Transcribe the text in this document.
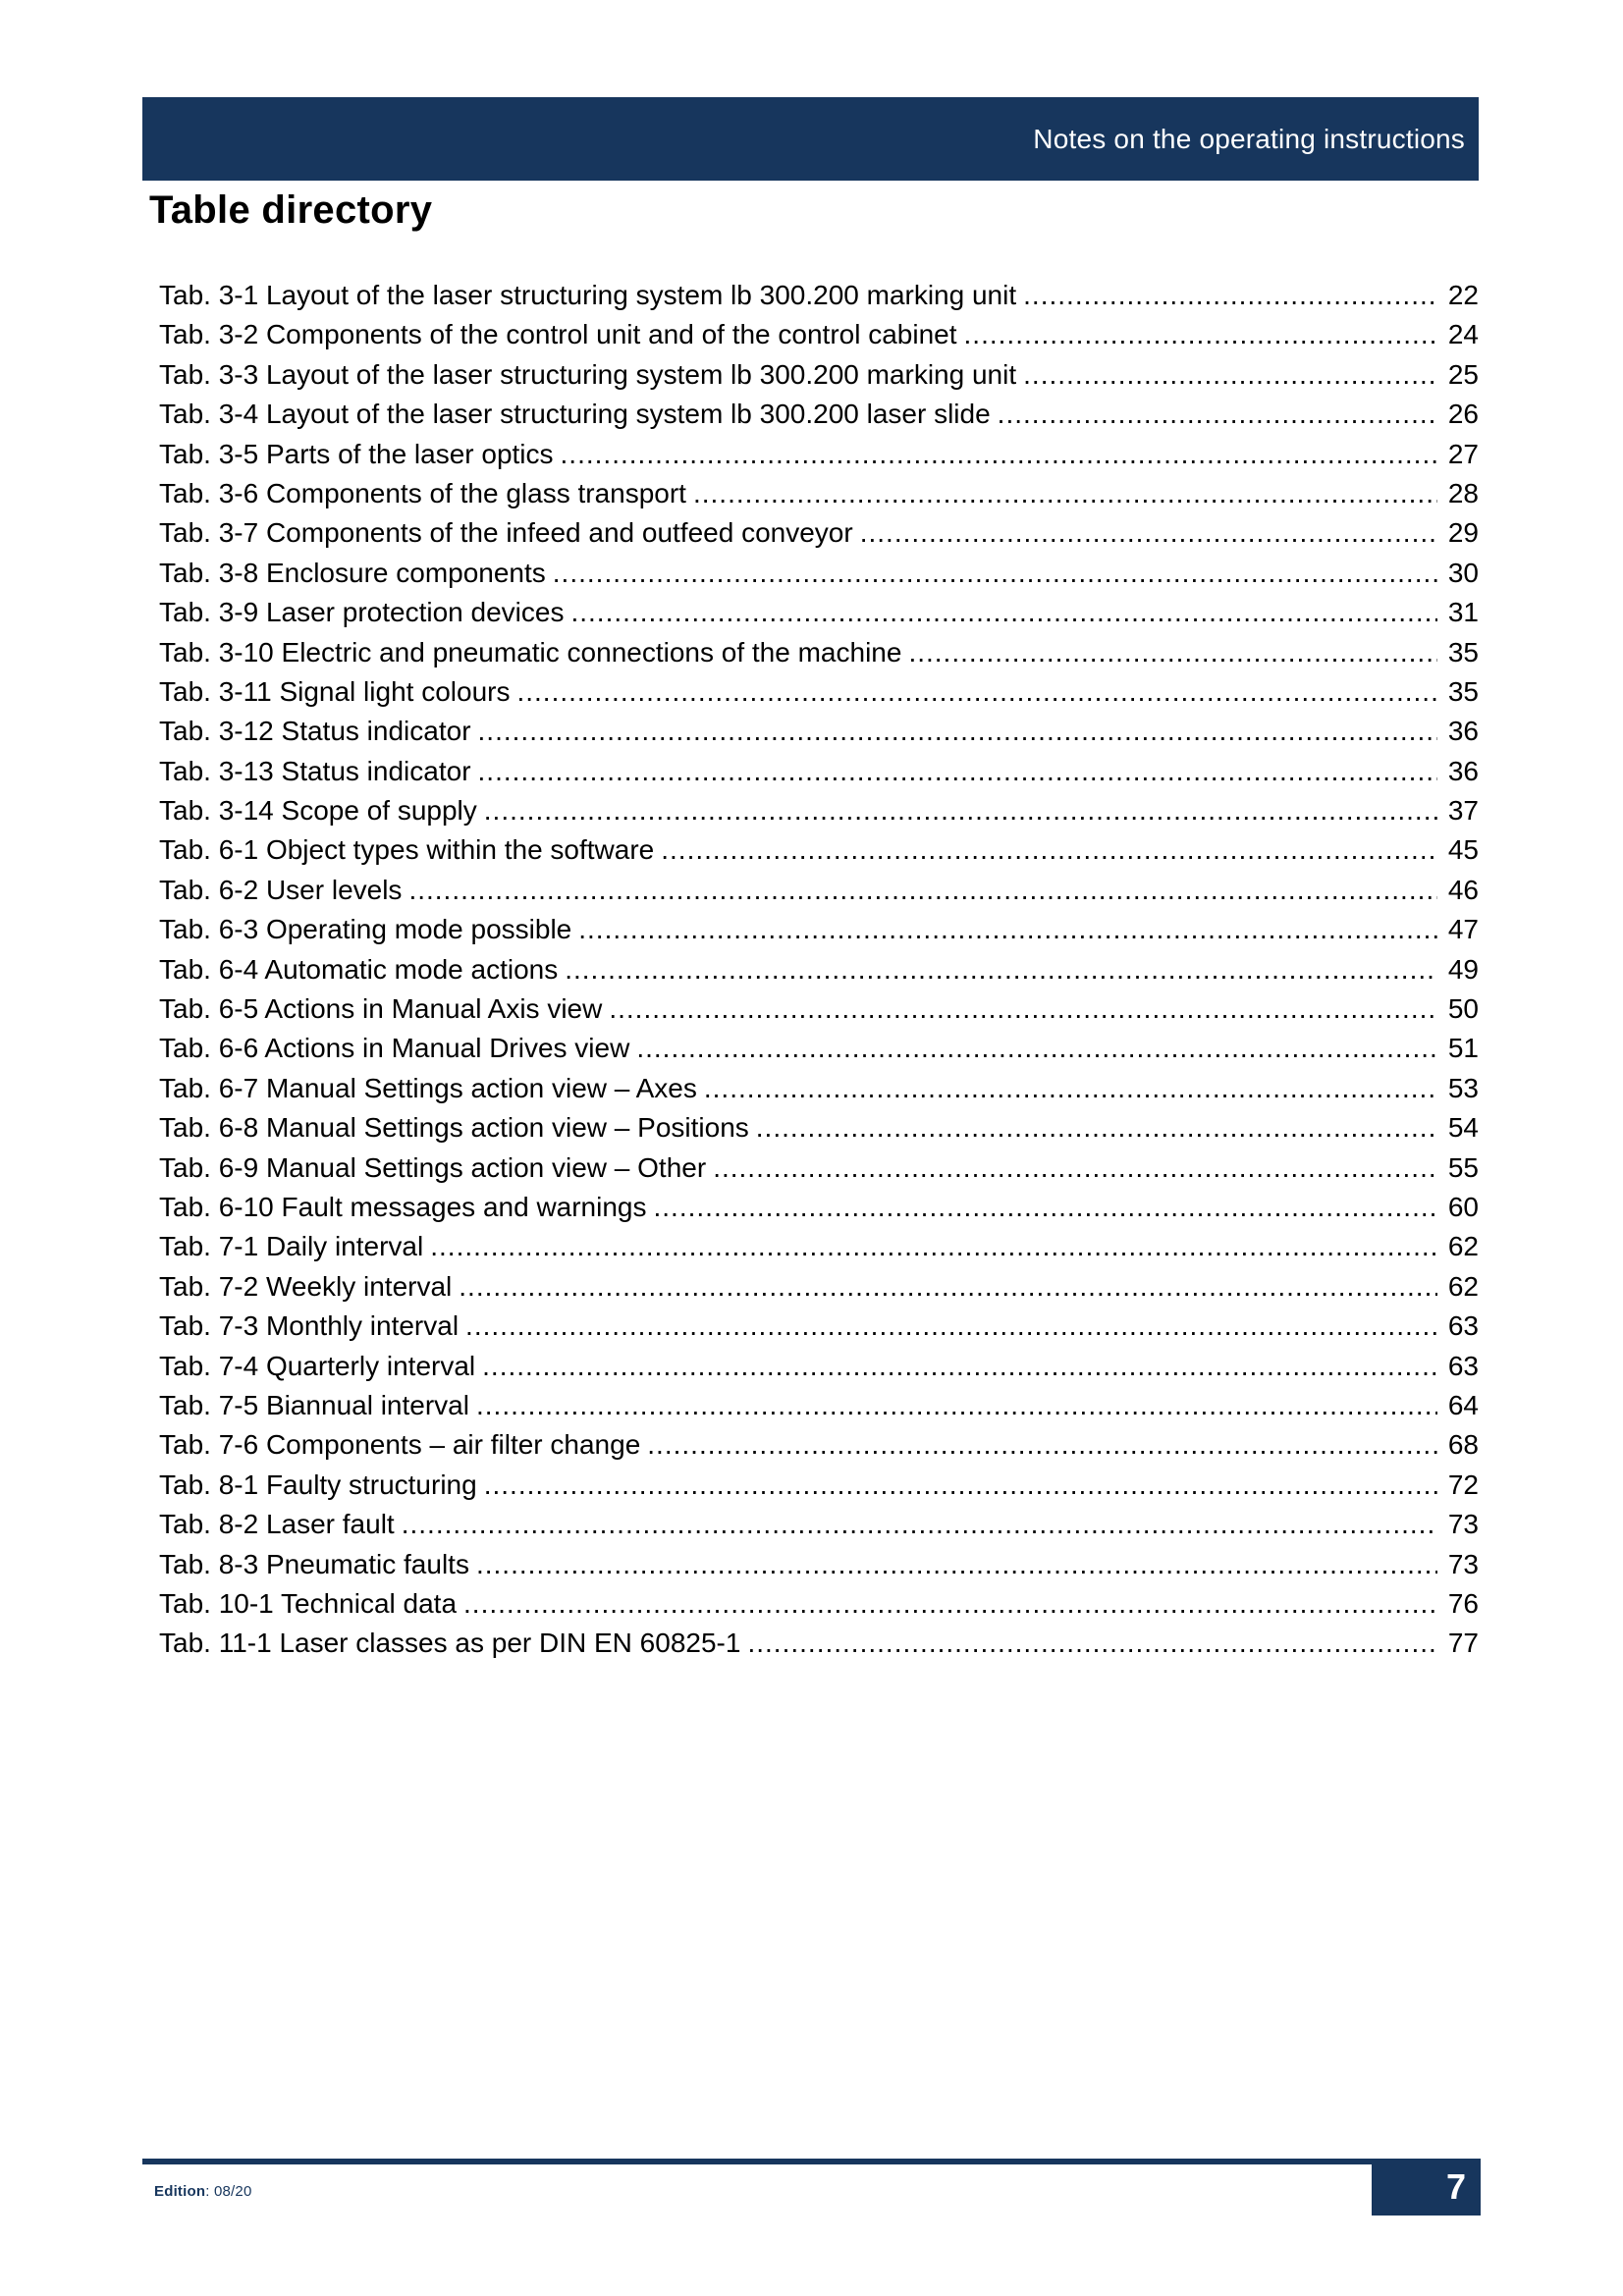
Notes on the operating instructions
Table directory
Tab. 3-1 Layout of the laser structuring system lb 300.200 marking unit .....	22
Tab. 3-2 Components of the control unit and of the control cabinet .....	24
Tab. 3-3 Layout of the laser structuring system lb 300.200 marking unit .....	25
Tab. 3-4 Layout of the laser structuring system lb 300.200 laser slide .....	26
Tab. 3-5 Parts of the laser optics .....	27
Tab. 3-6 Components of the glass transport .....	28
Tab. 3-7 Components of the infeed and outfeed conveyor .....	29
Tab. 3-8 Enclosure components .....	30
Tab. 3-9 Laser protection devices .....	31
Tab. 3-10 Electric and pneumatic connections of the machine .....	35
Tab. 3-11 Signal light colours .....	35
Tab. 3-12 Status indicator .....	36
Tab. 3-13 Status indicator .....	36
Tab. 3-14 Scope of supply .....	37
Tab. 6-1 Object types within the software .....	45
Tab. 6-2 User levels .....	46
Tab. 6-3 Operating mode possible .....	47
Tab. 6-4 Automatic mode actions .....	49
Tab. 6-5 Actions in Manual Axis view .....	50
Tab. 6-6 Actions in Manual Drives view .....	51
Tab. 6-7 Manual Settings action view – Axes .....	53
Tab. 6-8 Manual Settings action view – Positions .....	54
Tab. 6-9 Manual Settings action view – Other .....	55
Tab. 6-10 Fault messages and warnings .....	60
Tab. 7-1 Daily interval .....	62
Tab. 7-2 Weekly interval .....	62
Tab. 7-3 Monthly interval .....	63
Tab. 7-4 Quarterly interval .....	63
Tab. 7-5 Biannual interval .....	64
Tab. 7-6 Components – air filter change .....	68
Tab. 8-1 Faulty structuring .....	72
Tab. 8-2 Laser fault .....	73
Tab. 8-3 Pneumatic faults .....	73
Tab. 10-1 Technical data .....	76
Tab. 11-1 Laser classes as per DIN EN 60825-1 .....	77
7
Edition: 08/20
